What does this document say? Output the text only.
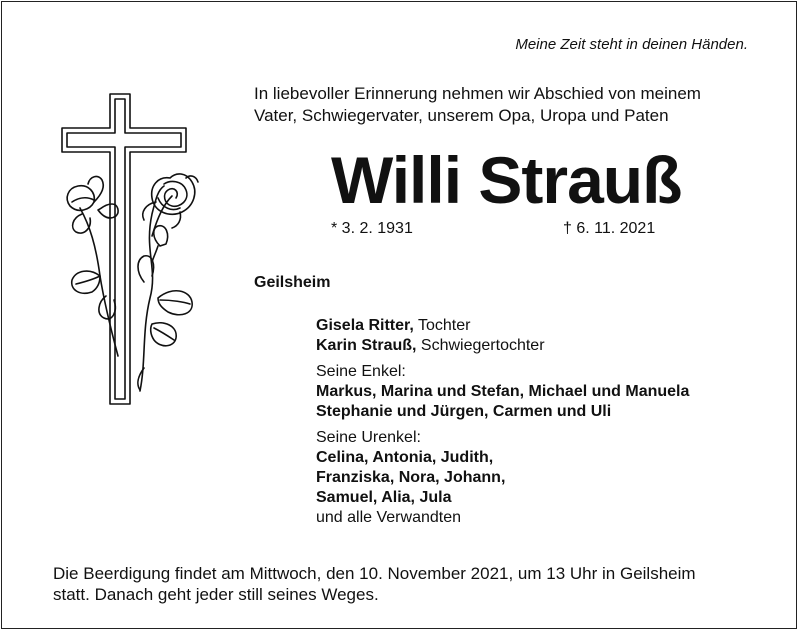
Meine Zeit steht in deinen Händen.
In liebevoller Erinnerung nehmen wir Abschied von meinem
Vater, Schwiegervater, unserem Opa, Uropa und Paten
Willi Strauß
* 3. 2. 1931	† 6. 11. 2021
Geilsheim
Gisela Ritter, Tochter
Karin Strauß, Schwiegertochter
Seine Enkel:
Markus, Marina und Stefan, Michael und Manuela
Stephanie und Jürgen, Carmen und Uli
Seine Urenkel:
Celina, Antonia, Judith,
Franziska, Nora, Johann,
Samuel, Alia, Jula
und alle Verwandten
Die Beerdigung findet am Mittwoch, den 10. November 2021, um 13 Uhr in Geilsheim
statt. Danach geht jeder still seines Weges.
